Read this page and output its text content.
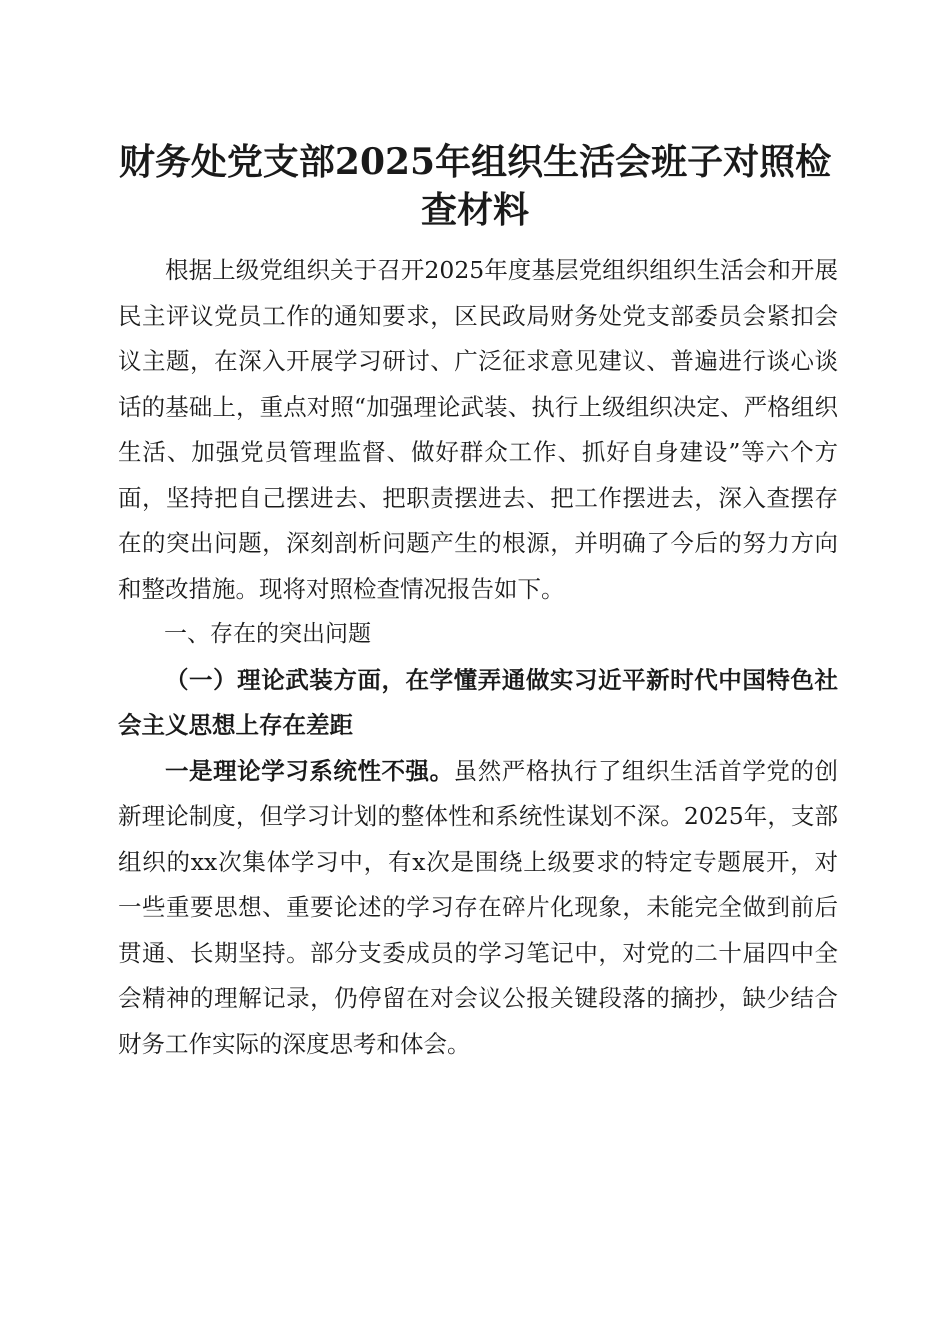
财务处党支部2025年组织生活会班子对照检查材料

根据上级党组织关于召开2025年度基层党组织组织生活会和开展民主评议党员工作的通知要求，区民政局财务处党支部委员会紧扣会议主题，在深入开展学习研讨、广泛征求意见建议、普遍进行谈心谈话的基础上，重点对照“加强理论武装、执行上级组织决定、严格组织生活、加强党员管理监督、做好群众工作、抓好自身建设”等六个方面，坚持把自己摆进去、把职责摆进去、把工作摆进去，深入查摆存在的突出问题，深刻剖析问题产生的根源，并明确了今后的努力方向和整改措施。现将对照检查情况报告如下。

一、存在的突出问题

（一）理论武装方面，在学懂弄通做实习近平新时代中国特色社会主义思想上存在差距

一是理论学习系统性不强。虽然严格执行了组织生活首学党的创新理论制度，但学习计划的整体性和系统性谋划不深。2025年，支部组织的xx次集体学习中，有x次是围绕上级要求的特定专题展开，对一些重要思想、重要论述的学习存在碎片化现象，未能完全做到前后贯通、长期坚持。部分支委成员的学习笔记中，对党的二十届四中全会精神的理解记录，仍停留在对会议公报关键段落的摘抄，缺少结合财务工作实际的深度思考和体会。
